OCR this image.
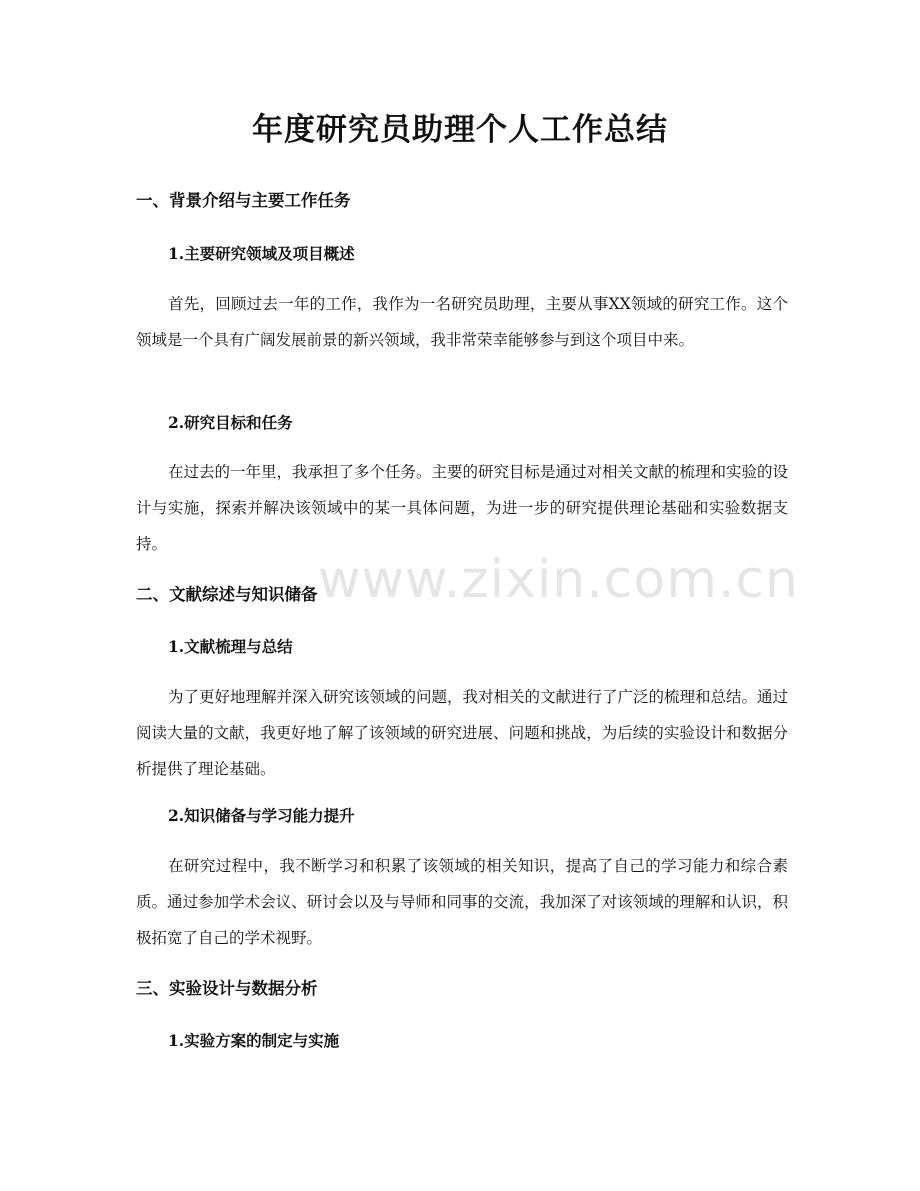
年度研究员助理个人工作总结
一、背景介绍与主要工作任务
1.主要研究领域及项目概述

首先，回顾过去一年的工作，我作为一名研究员助理，主要从事XX领域的研究工作。这个领域是一个具有广阔发展前景的新兴领域，我非常荣幸能够参与到这个项目中来。

2.研究目标和任务

在过去的一年里，我承担了多个任务。主要的研究目标是通过对相关文献的梳理和实验的设计与实施，探索并解决该领域中的某一具体问题，为进一步的研究提供理论基础和实验数据支持。

二、文献综述与知识储备
1.文献梳理与总结

为了更好地理解并深入研究该领域的问题，我对相关的文献进行了广泛的梳理和总结。通过阅读大量的文献，我更好地了解了该领域的研究进展、问题和挑战，为后续的实验设计和数据分析提供了理论基础。

2.知识储备与学习能力提升

在研究过程中，我不断学习和积累了该领域的相关知识，提高了自己的学习能力和综合素质。通过参加学术会议、研讨会以及与导师和同事的交流，我加深了对该领域的理解和认识，积极拓宽了自己的学术视野。

三、实验设计与数据分析
1.实验方案的制定与实施
www.zixin.com.cn
